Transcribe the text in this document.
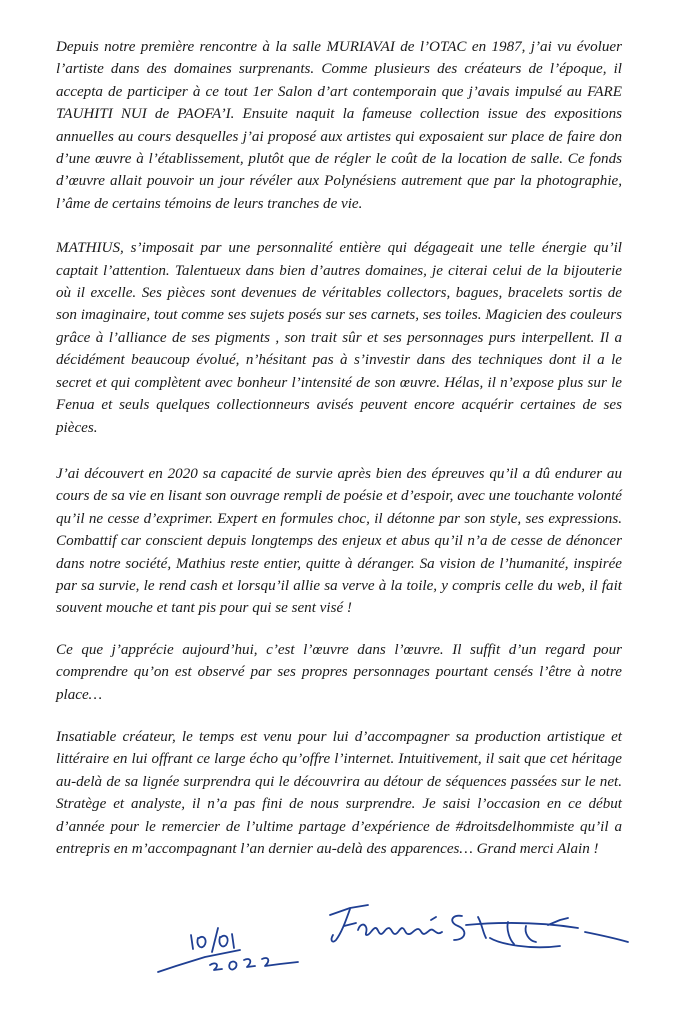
Depuis notre première rencontre à la salle MURIAVAI de l’OTAC en 1987, j’ai vu évoluer l’artiste dans des domaines surprenants. Comme plusieurs des créateurs de l’époque, il accepta de participer à ce tout 1er Salon d’art contemporain que j’avais impulsé au FARE TAUHITI NUI de PAOFA’I. Ensuite naquit la fameuse collection issue des expositions annuelles au cours desquelles j’ai proposé aux artistes qui exposaient sur place de faire don d’une œuvre à l’établissement, plutôt que de régler le coût de la location de salle. Ce fonds d’œuvre allait pouvoir un jour révéler aux Polynésiens autrement que par la photographie, l’âme de certains témoins de leurs tranches de vie.

MATHIUS, s’imposait par une personnalité entière qui dégageait une telle énergie qu’il captait l’attention. Talentueux dans bien d’autres domaines, je citerai celui de la bijouterie où il excelle. Ses pièces sont devenues de véritables collectors, bagues, bracelets sortis de son imaginaire, tout comme ses sujets posés sur ses carnets, ses toiles. Magicien des couleurs grâce à l’alliance de ses pigments , son trait sûr et ses personnages purs interpellent. Il a décidément beaucoup évolué, n’hésitant pas à s’investir dans des techniques dont il a le secret et qui complètent avec bonheur l’intensité de son œuvre. Hélas, il n’expose plus sur le Fenua et seuls quelques collectionneurs avisés peuvent encore acquérir certaines de ses pièces.

J’ai découvert en 2020 sa capacité de survie après bien des épreuves qu’il a dû endurer au cours de sa vie en lisant son ouvrage rempli de poésie et d’espoir, avec une touchante volonté qu’il ne cesse d’exprimer. Expert en formules choc, il détonne par son style, ses expressions. Combattif car conscient depuis longtemps des enjeux et abus qu’il n’a de cesse de dénoncer dans notre société, Mathius reste entier, quitte à déranger. Sa vision de l’humanité, inspirée par sa survie, le rend cash et lorsqu’il allie sa verve à la toile, y compris celle du web, il fait souvent mouche et tant pis pour qui se sent visé !

Ce que j’apprécie aujourd’hui, c’est l’œuvre dans l’œuvre. Il suffit d’un regard pour comprendre qu’on est observé par ses propres personnages pourtant censés l’être à notre place…

Insatiable créateur, le temps est venu pour lui d’accompagner sa production artistique et littéraire en lui offrant ce large écho qu’offre l’internet. Intuitivement, il sait que cet héritage au-delà de sa lignée surprendra qui le découvrira au détour de séquences passées sur le net. Stratège et analyste, il n’a pas fini de nous surprendre. Je saisi l’occasion en ce début d’année pour le remercier de l’ultime partage d’expérience de #droitsdelhommiste qu’il a entrepris en m’accompagnant l’an dernier au-delà des apparences… Grand merci Alain !
